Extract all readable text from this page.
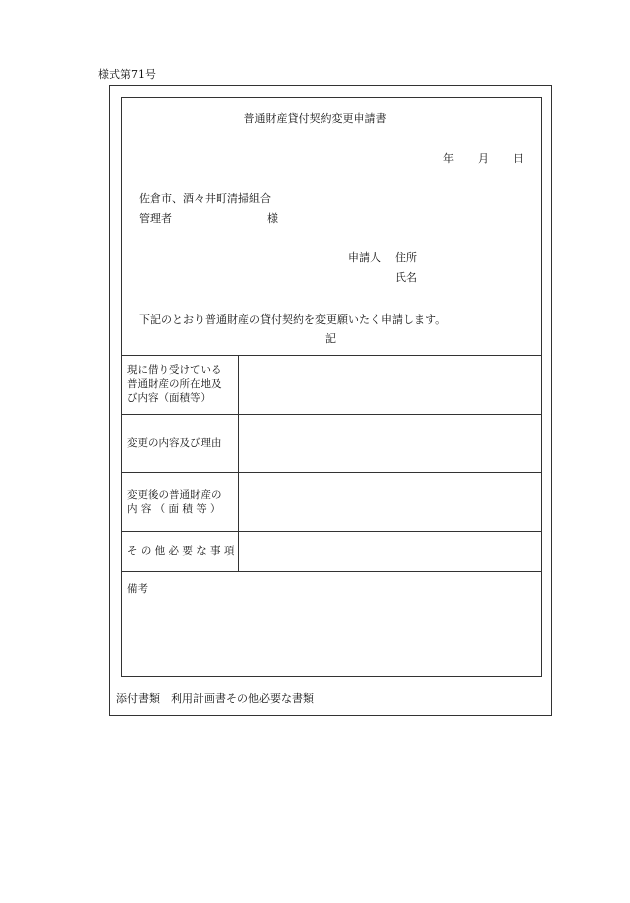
様式第71号
普通財産貸付契約変更申請書
年 月 日
佐倉市、酒々井町清掃組合
管理者	様
申請人 住所
氏名
下記のとおり普通財産の貸付契約を変更願いたく申請します。
記
現に借り受けている
普通財産の所在地及
び内容（面積等）
変更の内容及び理由
変更後の普通財産の
内 容 （ 面 積 等 ）
そ の 他 必 要 な 事 項
備考
添付書類　利用計画書その他必要な書類
